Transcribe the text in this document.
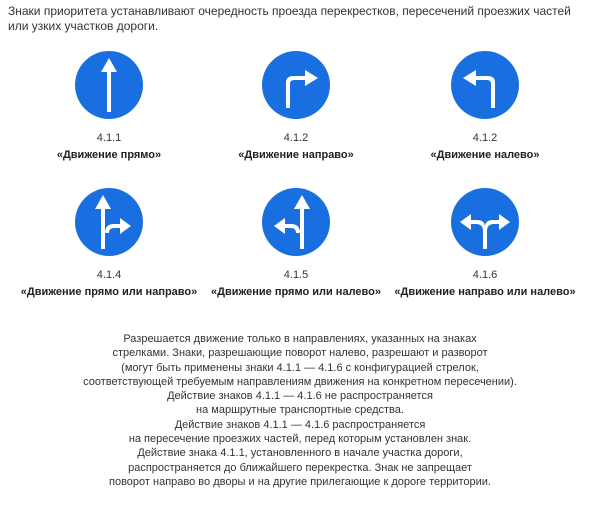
Знаки приоритета устанавливают очередность проезда перекрестков, пересечений проезжих частей или узких участков дороги.
4.1.1
«Движение прямо»
4.1.2
«Движение направо»
4.1.2
«Движение налево»
4.1.4
«Движение прямо или направо»
4.1.5
«Движение прямо или налево»
4.1.6
«Движение направо или налево»
Разрешается движение только в направлениях, указанных на знаках
стрелками. Знаки, разрешающие поворот налево, разрешают и разворот
(могут быть применены знаки 4.1.1 — 4.1.6 с конфигурацией стрелок,
соответствующей требуемым направлениям движения на конкретном пересечении).
Действие знаков 4.1.1 — 4.1.6 не распространяется
на маршрутные транспортные средства.
Действие знаков 4.1.1 — 4.1.6 распространяется
на пересечение проезжих частей, перед которым установлен знак.
Действие знака 4.1.1, установленного в начале участка дороги,
распространяется до ближайшего перекрестка. Знак не запрещает
поворот направо во дворы и на другие прилегающие к дороге территории.
